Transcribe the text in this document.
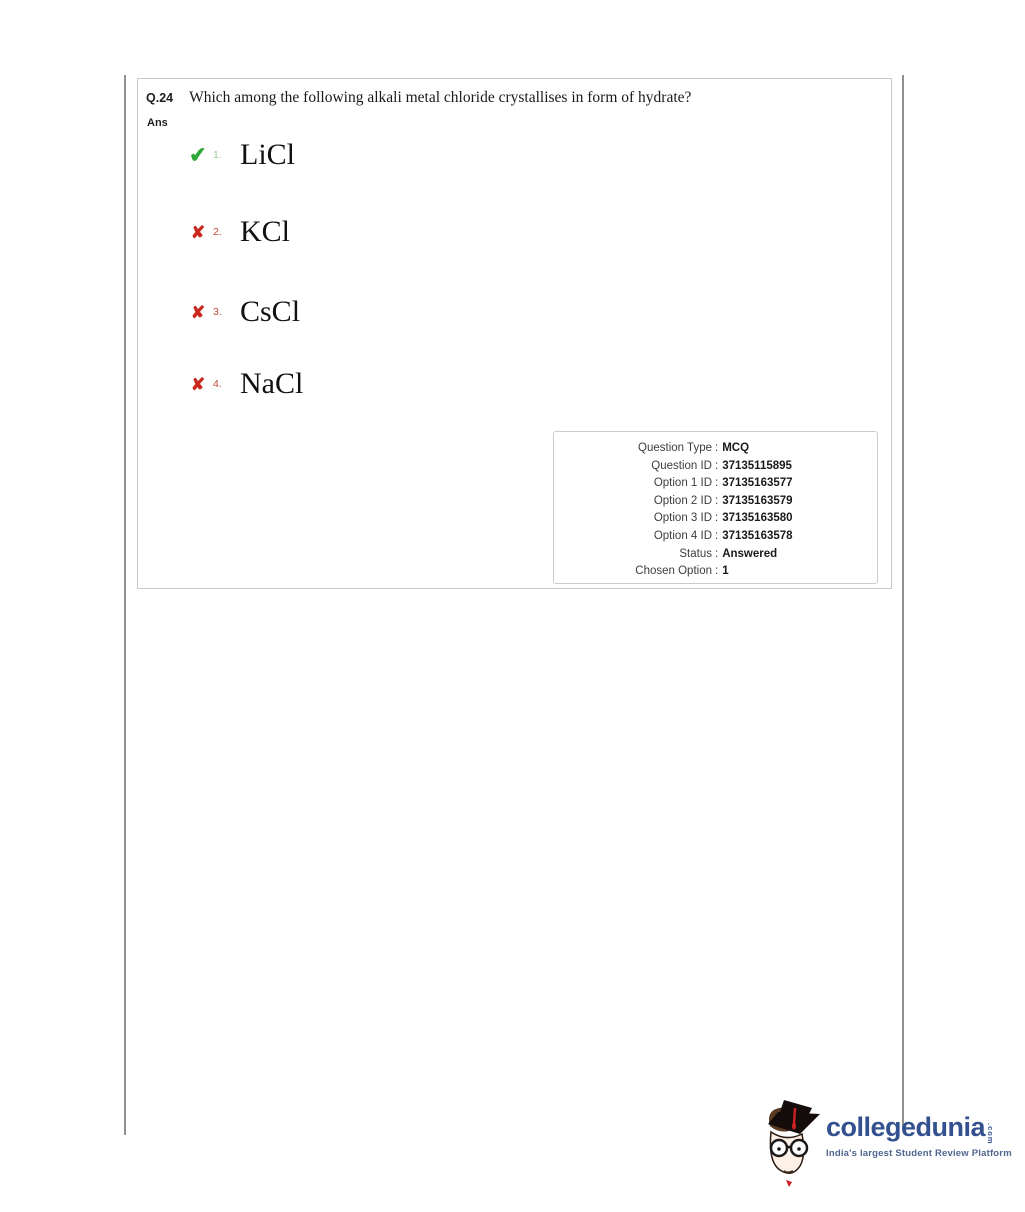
Q.24 Which among the following alkali metal chloride crystallises in form of hydrate?
Ans
✔ 1. LiCl
✘ 2. KCl
✘ 3. CsCl
✘ 4. NaCl
Question Type : MCQ
Question ID : 37135115895
Option 1 ID : 37135163577
Option 2 ID : 37135163579
Option 3 ID : 37135163580
Option 4 ID : 37135163578
Status : Answered
Chosen Option : 1
collegedunia .com
India's largest Student Review Platform
